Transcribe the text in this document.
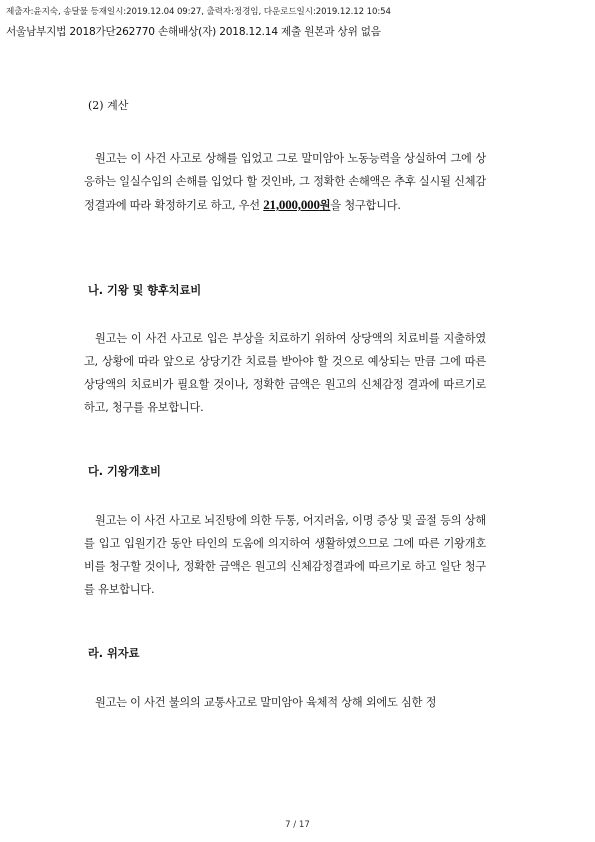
제출자:윤지숙, 송달물 등재일시:2019.12.04 09:27, 출력자:정경임, 다운로드일시:2019.12.12 10:54
서울남부지법 2018가단262770 손해배상(자) 2018.12.14 제출 원본과 상위 없음
(2) 계산
원고는 이 사건 사고로 상해를 입었고 그로 말미암아 노동능력을 상실하여 그에 상응하는 일실수입의 손해를 입었다 할 것인바, 그 정확한 손해액은 추후 실시될 신체감정결과에 따라 확정하기로 하고, 우선 21,000,000원을 청구합니다.
나. 기왕 및 향후치료비
원고는 이 사건 사고로 입은 부상을 치료하기 위하여 상당액의 치료비를 지출하였고, 상황에 따라 앞으로 상당기간 치료를 받아야 할 것으로 예상되는 만큼 그에 따른 상당액의 치료비가 필요할 것이나, 정확한 금액은 원고의 신체감정 결과에 따르기로 하고, 청구를 유보합니다.
다. 기왕개호비
원고는 이 사건 사고로 뇌진탕에 의한 두통, 어지러움, 이명 증상 및 골절 등의 상해를 입고 입원기간 동안 타인의 도움에 의지하여 생활하였으므로 그에 따른 기왕개호비를 청구할 것이나, 정확한 금액은 원고의 신체감정결과에 따르기로 하고 일단 청구를 유보합니다.
라. 위자료
원고는 이 사건 불의의 교통사고로 말미암아 육체적 상해 외에도 심한 정
7 / 17
